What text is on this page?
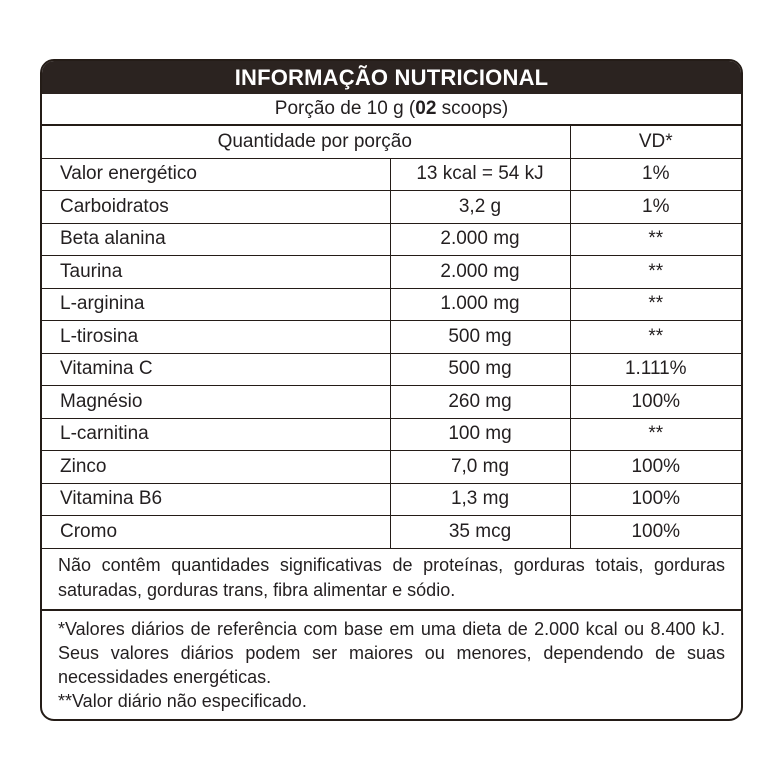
INFORMAÇÃO NUTRICIONAL
Porção de 10 g (02 scoops)
Quantidade por porção		VD*
Valor energético	13 kcal = 54 kJ	1%
Carboidratos	3,2 g	1%
Beta alanina	2.000 mg	**
Taurina	2.000 mg	**
L-arginina	1.000 mg	**
L-tirosina	500 mg	**
Vitamina C	500 mg	1.111%
Magnésio	260 mg	100%
L-carnitina	100 mg	**
Zinco	7,0 mg	100%
Vitamina B6	1,3 mg	100%
Cromo	35 mcg	100%
Não contêm quantidades significativas de proteínas, gorduras totais, gorduras saturadas, gorduras trans, fibra alimentar e sódio.
*Valores diários de referência com base em uma dieta de 2.000 kcal ou 8.400 kJ. Seus valores diários podem ser maiores ou menores, dependendo de suas necessidades energéticas.
**Valor diário não especificado.
